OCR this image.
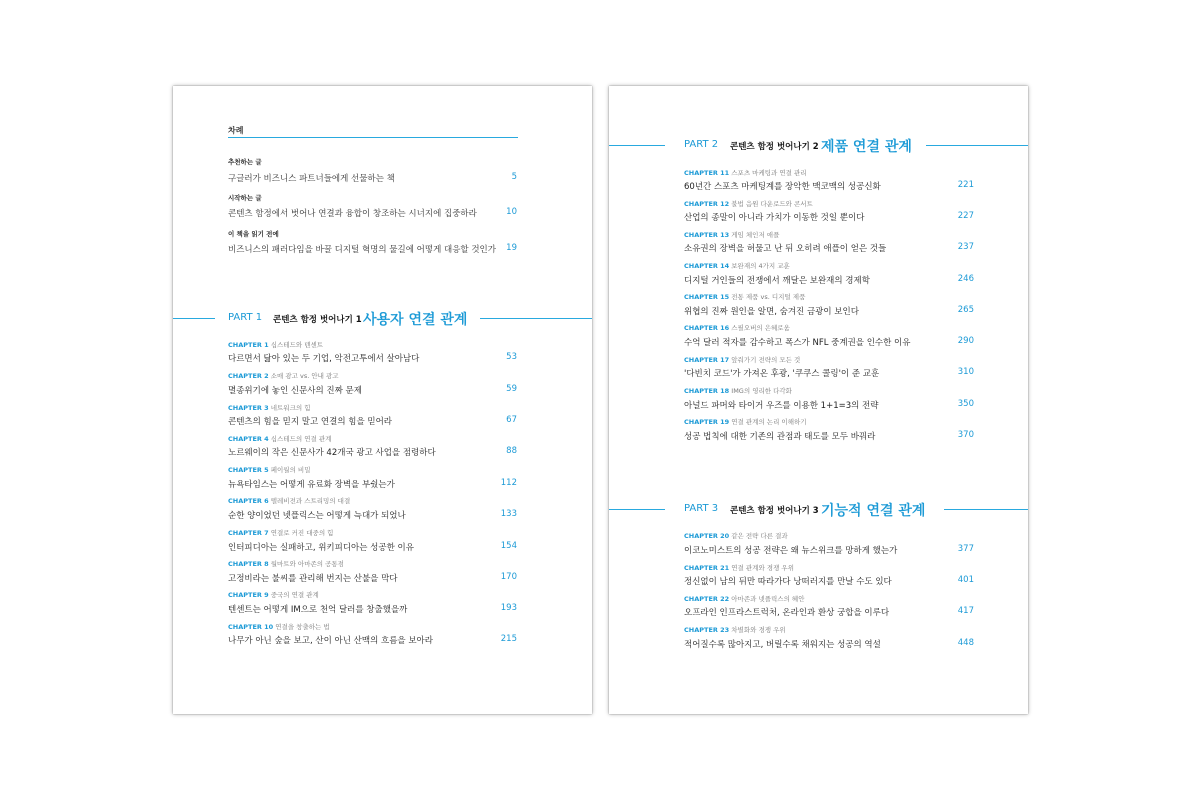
차례
추천하는 글
구글러가 비즈니스 파트너들에게 선물하는 책	5
시작하는 글
콘텐츠 함정에서 벗어나 연결과 융합이 창조하는 시너지에 집중하라	10
이 책을 읽기 전에
비즈니스의 패러다임을 바꿀 디지털 혁명의 물길에 어떻게 대응할 것인가	19
PART 1 콘텐츠 함정 벗어나기 1 사용자 연결 관계
CHAPTER 1 십스테드와 텐센트
다르면서 닮아 있는 두 기업, 악전고투에서 살아남다	53
CHAPTER 2 소매 광고 vs. 안내 광고
멸종위기에 놓인 신문사의 진짜 문제	59
CHAPTER 3 네트워크의 힘
콘텐츠의 힘을 믿지 말고 연결의 힘을 믿어라	67
CHAPTER 4 십스테드의 연결 관계
노르웨이의 작은 신문사가 42개국 광고 사업을 점령하다	88
CHAPTER 5 페이월의 비밀
뉴욕타임스는 어떻게 유료화 장벽을 부쉈는가	112
CHAPTER 6 텔레비전과 스트리밍의 대결
순한 양이었던 넷플릭스는 어떻게 늑대가 되었나	133
CHAPTER 7 연결로 커진 대중의 힘
인터피디아는 실패하고, 위키피디아는 성공한 이유	154
CHAPTER 8 월마트와 아마존의 공통점
고정비라는 불씨를 관리해 번지는 산불을 막다	170
CHAPTER 9 중국의 연결 관계
텐센트는 어떻게 IM으로 천억 달러를 창출했을까	193
CHAPTER 10 연결을 창출하는 법
나무가 아닌 숲을 보고, 산이 아닌 산맥의 흐름을 보아라	215
PART 2 콘텐츠 함정 벗어나기 2 제품 연결 관계
CHAPTER 11 스포츠 마케팅과 연결 관리
60년간 스포츠 마케팅계를 장악한 맥코맥의 성공신화	221
CHAPTER 12 불법 음원 다운로드와 콘서트
산업의 종말이 아니라 가치가 이동한 것일 뿐이다	227
CHAPTER 13 게임 체인저 애플
소유권의 장벽을 허물고 난 뒤 오히려 애플이 얻은 것들	237
CHAPTER 14 보완재의 4가지 교훈
디지털 거인들의 전쟁에서 깨달은 보완재의 경제학	246
CHAPTER 15 전통 제품 vs. 디지털 제품
위협의 진짜 원인을 알면, 숨겨진 금광이 보인다	265
CHAPTER 16 스필오버의 은혜로움
수억 달러 적자를 감수하고 폭스가 NFL 중계권을 인수한 이유	290
CHAPTER 17 앞줘가기 전략의 모든 것
'다빈치 코드'가 가져온 후광, '쿠쿠스 콜링'이 준 교훈	310
CHAPTER 18 IMG의 영리한 다각화
아널드 파머와 타이거 우즈를 이용한 1+1=3의 전략	350
CHAPTER 19 연결 관계의 논리 이해하기
성공 법칙에 대한 기존의 관점과 태도를 모두 바꿔라	370
PART 3 콘텐츠 함정 벗어나기 3 기능적 연결 관계
CHAPTER 20 같은 전략 다른 결과
이코노미스트의 성공 전략은 왜 뉴스위크를 망하게 했는가	377
CHAPTER 21 연결 관계와 경쟁 우위
정신없이 남의 뒤만 따라가다 낭떠러지를 만날 수도 있다	401
CHAPTER 22 아마존과 넷플릭스의 혜안
오프라인 인프라스트럭처, 온라인과 환상 궁합을 이루다	417
CHAPTER 23 차별화와 경쟁 우위
적어질수록 많아지고, 버릴수록 채워지는 성공의 역설	448
